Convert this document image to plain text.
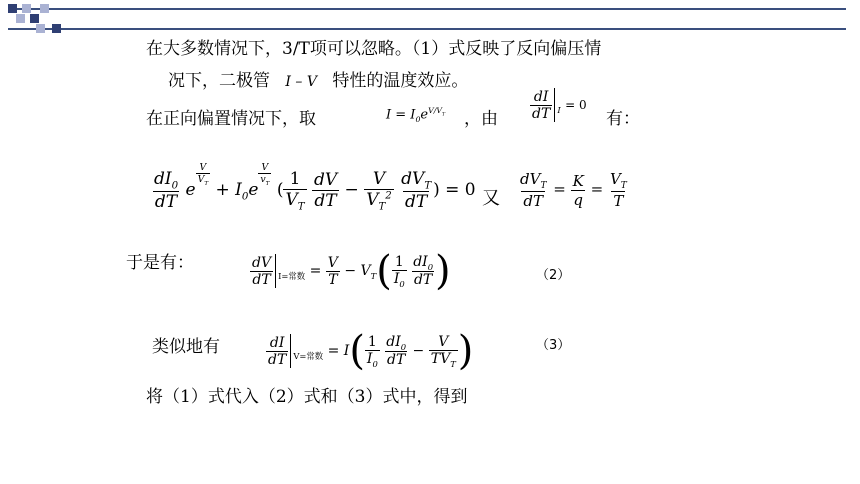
在大多数情况下，3/T项可以忽略。（1）式反映了反向偏压情
况下，二极管 I – V 特性的温度效应。
在正向偏置情况下，取	$I = I_0e^{V/V_T}$ ，由 $\frac{dI}{dT} _I = 0$
有：
$\frac{dI_0}{dT}$ e
$^{\frac{V}{V_T}}$
+ $I_0e$
$^{\frac{V}{v_T}}$
( $\frac{1}{V_T}$
$\frac{dV}{dT} - \frac{V}{V_T^2}$
$\frac{dV_T}{dT}$ ) = 0 又 $\frac{dV_T}{dT} = \frac{K}{q} = \frac{V_T}{T}$
于是有：	$\frac{dV}{dT} _{I=常数} = \frac{V}{T} - V_T( \frac{1}{I_0}$
$\frac{dI_0}{dT}$ )	（2）
类似地有	$\frac{dI}{dT} _{V=常数} = I( \frac{1}{I_0}$
$\frac{dI_0}{dT} - \frac{V}{TV_T}$ )	（3）
将（1）式代入（2）式和（3）式中，得到
